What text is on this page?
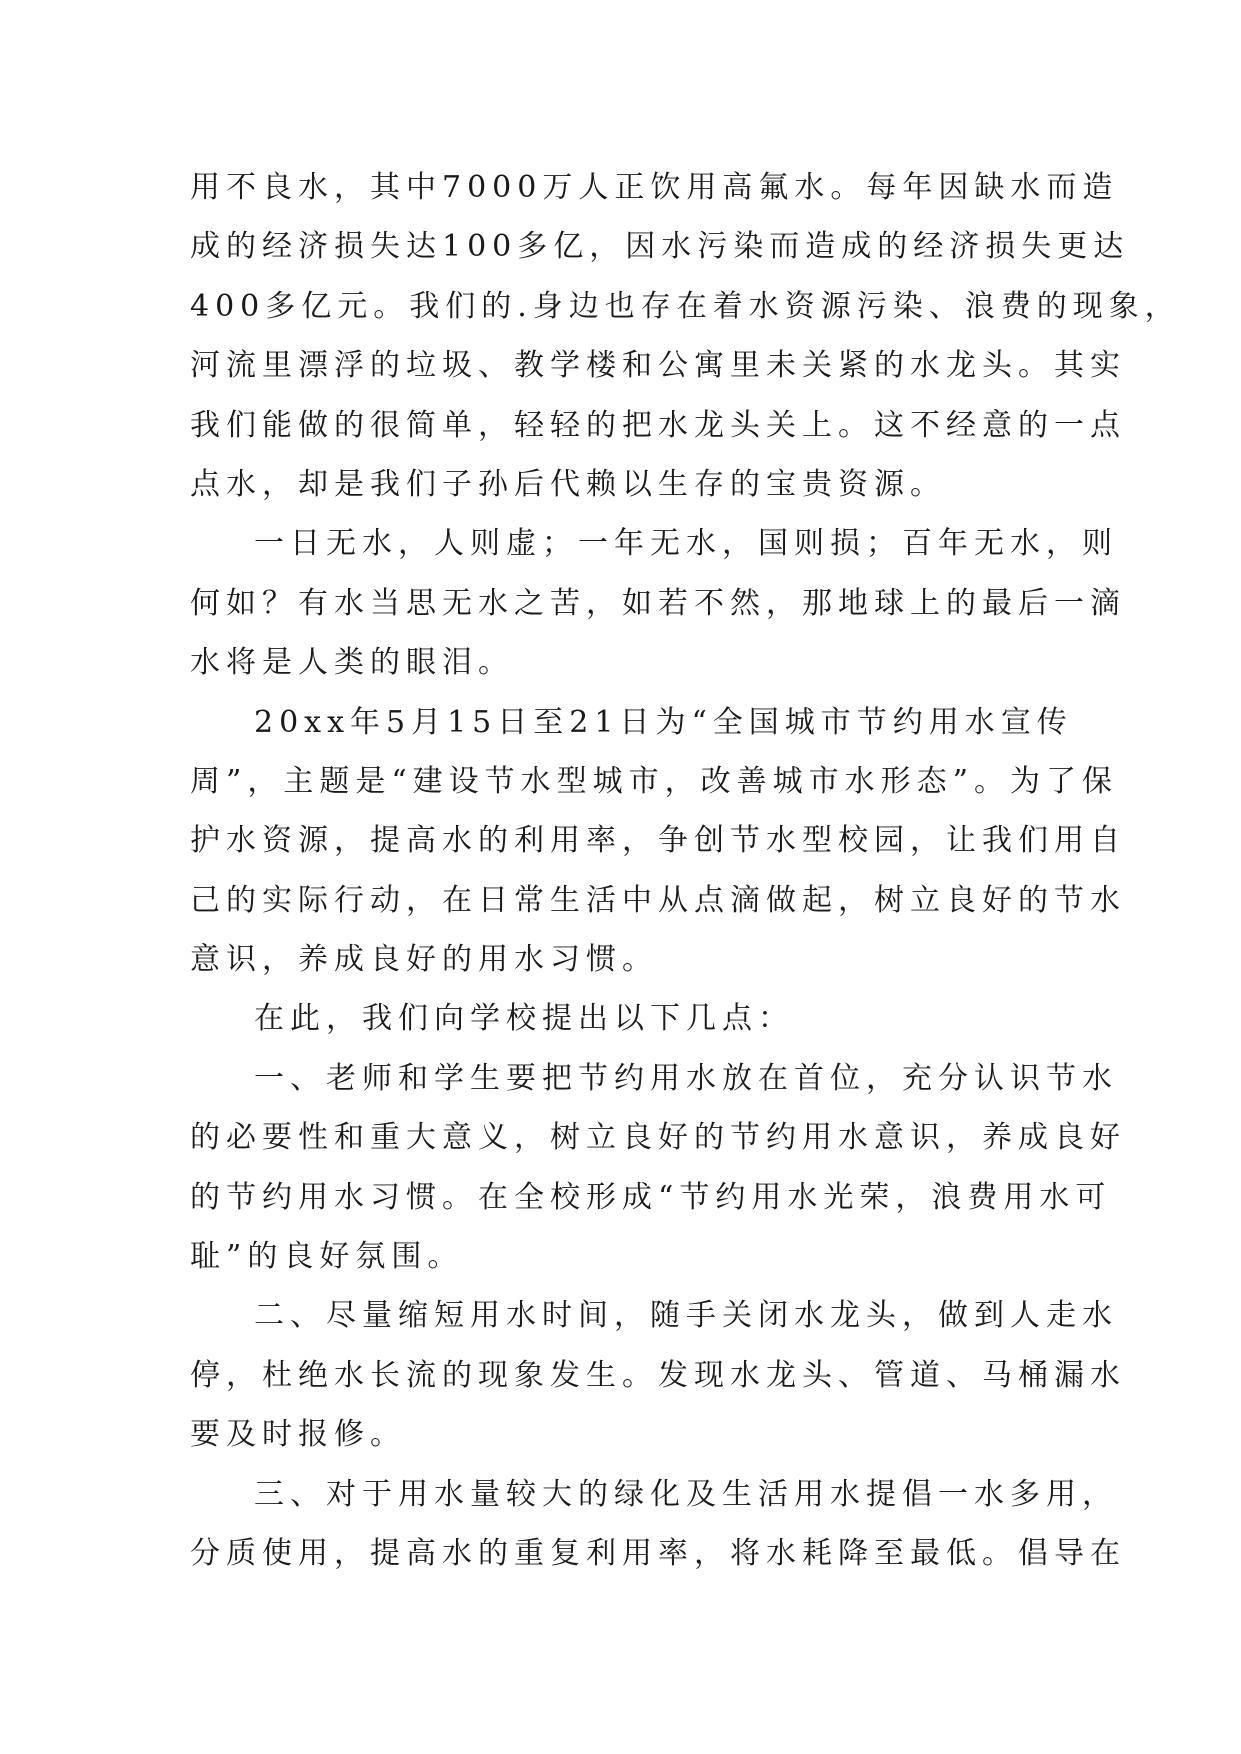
用不良水，其中7000万人正饮用高氟水。每年因缺水而造
成的经济损失达100多亿，因水污染而造成的经济损失更达
400多亿元。我们的.身边也存在着水资源污染、浪费的现象，
河流里漂浮的垃圾、教学楼和公寓里未关紧的水龙头。其实
我们能做的很简单，轻轻的把水龙头关上。这不经意的一点
点水，却是我们子孙后代赖以生存的宝贵资源。
一日无水，人则虚；一年无水，国则损；百年无水，则
何如？有水当思无水之苦，如若不然，那地球上的最后一滴
水将是人类的眼泪。
20xx年5月15日至21日为“全国城市节约用水宣传
周”，主题是“建设节水型城市，改善城市水形态”。为了保
护水资源，提高水的利用率，争创节水型校园，让我们用自
己的实际行动，在日常生活中从点滴做起，树立良好的节水
意识，养成良好的用水习惯。
在此，我们向学校提出以下几点：
一、老师和学生要把节约用水放在首位，充分认识节水
的必要性和重大意义，树立良好的节约用水意识，养成良好
的节约用水习惯。在全校形成“节约用水光荣，浪费用水可
耻”的良好氛围。
二、尽量缩短用水时间，随手关闭水龙头，做到人走水
停，杜绝水长流的现象发生。发现水龙头、管道、马桶漏水
要及时报修。
三、对于用水量较大的绿化及生活用水提倡一水多用，
分质使用，提高水的重复利用率，将水耗降至最低。倡导在
